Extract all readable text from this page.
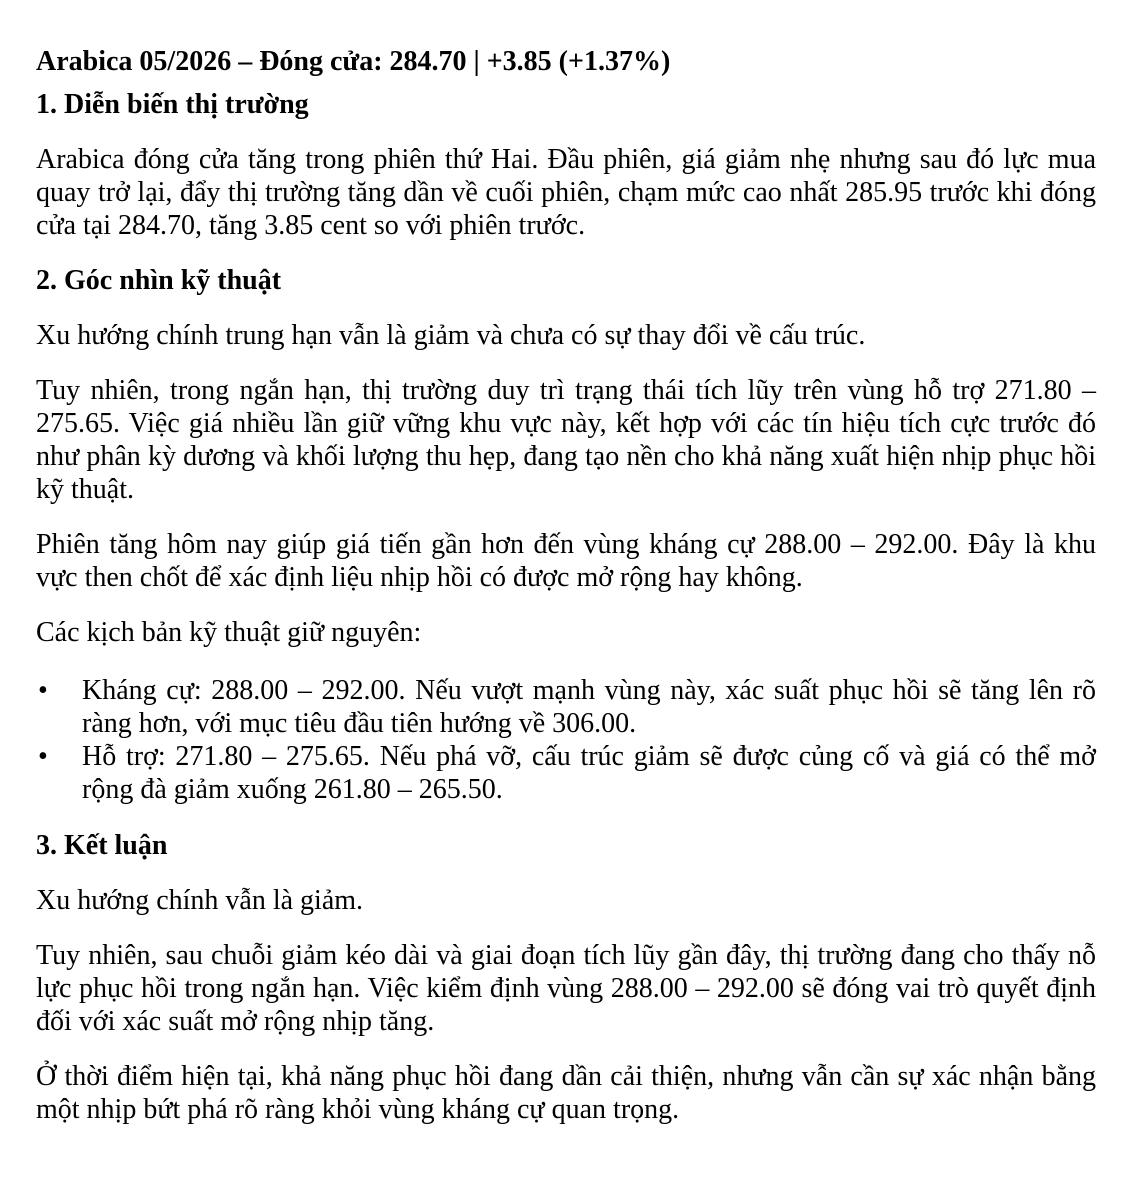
Arabica 05/2026 – Đóng cửa: 284.70 | +3.85 (+1.37%)

1. Diễn biến thị trường

Arabica đóng cửa tăng trong phiên thứ Hai. Đầu phiên, giá giảm nhẹ nhưng sau đó lực mua quay trở lại, đẩy thị trường tăng dần về cuối phiên, chạm mức cao nhất 285.95 trước khi đóng cửa tại 284.70, tăng 3.85 cent so với phiên trước.

2. Góc nhìn kỹ thuật

Xu hướng chính trung hạn vẫn là giảm và chưa có sự thay đổi về cấu trúc.

Tuy nhiên, trong ngắn hạn, thị trường duy trì trạng thái tích lũy trên vùng hỗ trợ 271.80 – 275.65. Việc giá nhiều lần giữ vững khu vực này, kết hợp với các tín hiệu tích cực trước đó như phân kỳ dương và khối lượng thu hẹp, đang tạo nền cho khả năng xuất hiện nhịp phục hồi kỹ thuật.

Phiên tăng hôm nay giúp giá tiến gần hơn đến vùng kháng cự 288.00 – 292.00. Đây là khu vực then chốt để xác định liệu nhịp hồi có được mở rộng hay không.

Các kịch bản kỹ thuật giữ nguyên:

• Kháng cự: 288.00 – 292.00. Nếu vượt mạnh vùng này, xác suất phục hồi sẽ tăng lên rõ ràng hơn, với mục tiêu đầu tiên hướng về 306.00.
• Hỗ trợ: 271.80 – 275.65. Nếu phá vỡ, cấu trúc giảm sẽ được củng cố và giá có thể mở rộng đà giảm xuống 261.80 – 265.50.

3. Kết luận

Xu hướng chính vẫn là giảm.

Tuy nhiên, sau chuỗi giảm kéo dài và giai đoạn tích lũy gần đây, thị trường đang cho thấy nỗ lực phục hồi trong ngắn hạn. Việc kiểm định vùng 288.00 – 292.00 sẽ đóng vai trò quyết định đối với xác suất mở rộng nhịp tăng.

Ở thời điểm hiện tại, khả năng phục hồi đang dần cải thiện, nhưng vẫn cần sự xác nhận bằng một nhịp bứt phá rõ ràng khỏi vùng kháng cự quan trọng.
